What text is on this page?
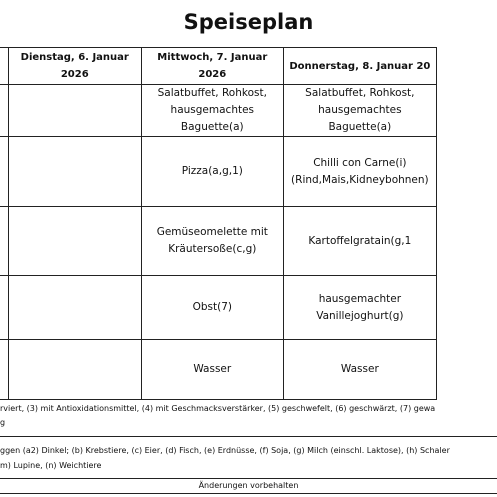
Speiseplan
	Dienstag, 6. Januar 2026	Mittwoch, 7. Januar 2026	Donnerstag, 8. Januar 20
		Salatbuffet, Rohkost, hausgemachtes Baguette(a)	Salatbuffet, Rohkost, hausgemachtes Baguette(a)
		Pizza(a,g,1)	Chilli con Carne(i) (Rind,Mais,Kidneybohnen)
		Gemüseomelette mit Kräutersoße(c,g)	Kartoffelgratain(g,1
		Obst(7)	hausgemachter Vanillejoghurt(g)
		Wasser	Wasser
rviert, (3) mit Antioxidationsmittel, (4) mit Geschmacksverstärker, (5) geschwefelt, (6) geschwärzt, (7) gewa
g
ggen (a2) Dinkel; (b) Krebstiere, (c) Eier, (d) Fisch, (e) Erdnüsse, (f) Soja, (g) Milch (einschl. Laktose), (h) Schaler
m) Lupine, (n) Weichtiere
Änderungen vorbehalten
